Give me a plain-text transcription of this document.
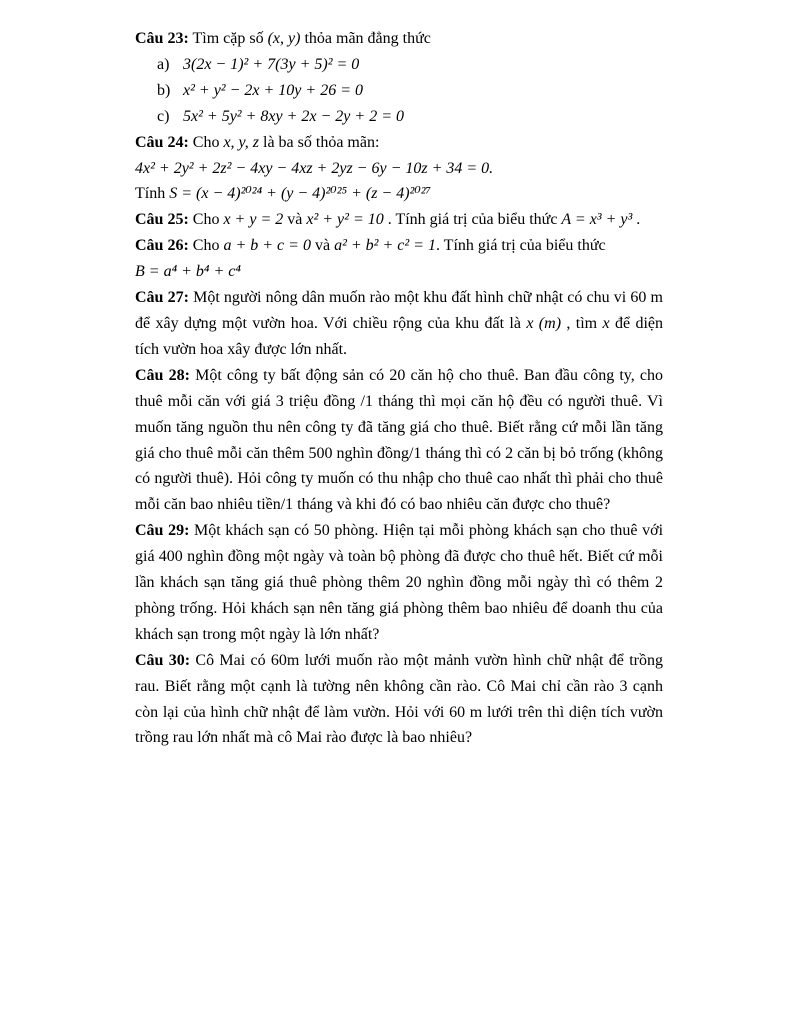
Câu 23: Tìm cặp số (x, y) thỏa mãn đẳng thức

a) 3(2x − 1)² + 7(3y + 5)² = 0

b) x² + y² − 2x + 10y + 26 = 0

c) 5x² + 5y² + 8xy + 2x − 2y + 2 = 0

Câu 24: Cho x, y, z là ba số thỏa mãn:

4x² + 2y² + 2z² − 4xy − 4xz + 2yz − 6y − 10z + 34 = 0.

Tính S = (x − 4)²⁰²⁴ + (y − 4)²⁰²⁵ + (z − 4)²⁰²⁷

Câu 25: Cho x + y = 2 và x² + y² = 10 . Tính giá trị của biểu thức A = x³ + y³ .

Câu 26: Cho a + b + c = 0 và a² + b² + c² = 1. Tính giá trị của biểu thức

B = a⁴ + b⁴ + c⁴

Câu 27: Một người nông dân muốn rào một khu đất hình chữ nhật có chu vi 60 m để xây dựng một vườn hoa. Với chiều rộng của khu đất là x (m) , tìm x để diện tích vườn hoa xây được lớn nhất.

Câu 28: Một công ty bất động sản có 20 căn hộ cho thuê. Ban đầu công ty, cho thuê mỗi căn với giá 3 triệu đồng /1 tháng thì mọi căn hộ đều có người thuê. Vì muốn tăng nguồn thu nên công ty đã tăng giá cho thuê. Biết rằng cứ mỗi lần tăng giá cho thuê mỗi căn thêm 500 nghìn đồng/1 tháng thì có 2 căn bị bỏ trống (không có người thuê). Hỏi công ty muốn có thu nhập cho thuê cao nhất thì phải cho thuê mỗi căn bao nhiêu tiền/1 tháng và khi đó có bao nhiêu căn được cho thuê?

Câu 29: Một khách sạn có 50 phòng. Hiện tại mỗi phòng khách sạn cho thuê với giá 400 nghìn đồng một ngày và toàn bộ phòng đã được cho thuê hết. Biết cứ mỗi lần khách sạn tăng giá thuê phòng thêm 20 nghìn đồng mỗi ngày thì có thêm 2 phòng trống. Hỏi khách sạn nên tăng giá phòng thêm bao nhiêu để doanh thu của khách sạn trong một ngày là lớn nhất?

Câu 30: Cô Mai có 60m lưới muốn rào một mảnh vườn hình chữ nhật để trồng rau. Biết rằng một cạnh là tường nên không cần rào. Cô Mai chỉ cần rào 3 cạnh còn lại của hình chữ nhật để làm vườn. Hỏi với 60 m lưới trên thì diện tích vườn trồng rau lớn nhất mà cô Mai rào được là bao nhiêu?
